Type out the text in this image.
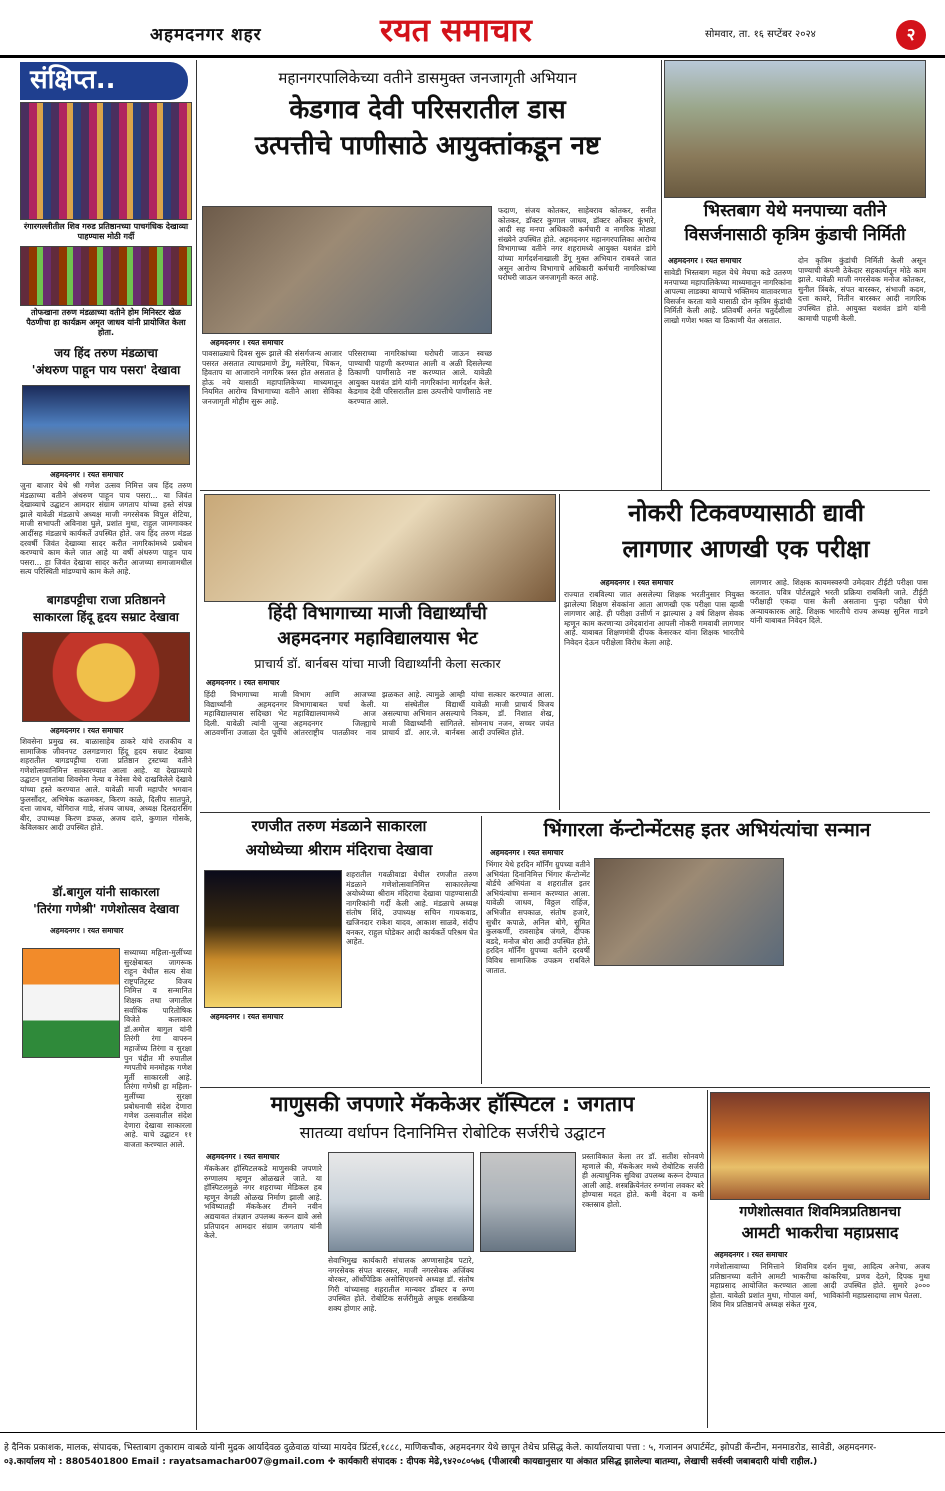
अहमदनगर शहर	रयत समाचार	सोमवार, ता. १६ सप्टेंबर २०२४	२
संक्षिप्त..
रंगारगल्लीतील शिव गरुड प्रतिष्ठानच्या पाचगंधिक देखाव्या पाहण्यास मोठी गर्दी
तोफखाना तरुण मंडळाच्या वतीने होम मिनिस्टर खेळ पैठणीचा हा कार्यक्रम अमृत जाधव यांनी प्रायोजित केला होता.
जय हिंद तरुण मंडळाचा
'अंथरुण पाहून पाय पसरा' देखावा
अहमदनगर । रयत समाचार
जुना बाजार येथे श्री गणेश उत्सव निमित्त जय हिंद तरुण मंडळाच्या वतीने अंथरुण पाहून पाय पसरा... या जिवंत देखाव्याचे उद्घाटन आमदार संग्राम जगताप यांच्या हस्ते संपन्न झाले यावेळी मंडळाचे अध्यक्ष माजी नगरसेवक विपुल शेटिया, माजी सभापती अविनाश घुले, प्रशांत मुथा, राहुल जामगावकर आदींसह मंडळाचे कार्यकर्ते उपस्थित होते. जय हिंद तरुण मंडळ दरवर्षी जिवंत देखाव्या सादर करीत नागरिकांमध्ये प्रबोधन करण्याचे काम केले जात आहे या वर्षी अंथरुण पाहून पाय पसरा... हा जिवंत देखावा सादर करीत आजच्या समाजामधील सत्य परिस्थिती मांडण्याचे काम केले आहे.
बागडपट्टीचा राजा प्रतिष्ठानने
साकारला हिंदू हृदय सम्राट देखावा
अहमदनगर । रयत समाचार
शिवसेना प्रमुख स्व. बाळासाहेब ठाकरे यांचे राजकीय व सामाजिक जीवनपट उलगडणारा हिंदू हृदय सम्राट देखावा शहरातील बागडपट्टीचा राजा प्रतिष्ठान ट्रस्टच्या वतीने गणेशोत्सवानिमित्त साकारण्यात आला आहे. या देखाव्याचे उद्घाटन पुणतांबा शिवसेना नेत्या व नेवेसा येथे दाखविलेले देखावे यांच्या हस्ते करण्यात आले. यावेळी माजी महापौर भगवान फुलसौंदर, अभिषेक कळमकर, किरण काळे, दिलीप सातपुते, दत्ता जाधव, योगिराज गाडे, संजय जाधव, अध्यक्ष दिलदारसिंग बीर, उपाध्यक्ष किरण डफळ, अजय दाते, कुणाल गोसके, केविलकार आदी उपस्थित होते.
डॉ.बागुल यांनी साकारला
'तिरंगा गणेश्री' गणेशोत्सव देखावा
अहमदनगर । रयत समाचार
सध्याच्या महिला-मुलींच्या सुरक्षेबाबत जागरूक राहून येथील सत्य सेवा राष्ट्रपतिट्रस्ट विजय निमित्त व सन्मानित शिक्षक तथा जगातील सर्वाधिक पारितोषिक विजेते कलाकार डॉ.अमोल बागुल यांनी तिरंगी रंगा वापरुन महाजेंच्य तिरंगा व सुरक्षा पुन चंद्रीत मी रुपातील ग्णपतीचे मनमोहक गणेश मूर्ती साकारली आहे. तिरंगा गणेश्री हा महिला-मुलींच्या सुरक्षा प्रबोधनाची संदेश देणारा गणेश उत्सवातील संदेश देणारा देखावा साकारला आहे. याचे उद्घाटन ११ वाजता करण्यात आले.
महानगरपालिकेच्या वतीने डासमुक्त जनजागृती अभियान
केडगाव देवी परिसरातील डास
उत्पत्तीचे पाणीसाठे आयुक्तांकडून नष्ट
अहमदनगर । रयत समाचार
पावसाळ्याचे दिवस सुरू झाले की संसर्गजन्य आजार पसरत असतात त्याचप्रमाणे डेंगू, मलेरिया, चिकन, हिवताप या आजाराने नागरिक त्रस्त होत असतात हे होऊ नये यासाठी महापालिकेच्या माध्यमातून नियमित आरोग्य विभागाच्या वतीने आशा सेविका जनजागृती मोहीम सुरू आहे.
परिसराच्या नागरिकांच्या घरोघरी जाऊन स्वच्छ पाण्याची पाहणी करण्यात आली व अळी दिसलेल्या ठिकाणी पाणीसाठे नष्ट करण्यात आले. यावेळी आयुक्त यशवंत डांगे यांनी नागरिकांना मार्गदर्शन केले. केडगाव देवी परिसरातील डास उत्पत्तीचे पाणीसाठे नष्ट करण्यात आले.
फदाण, संजय कोतकर, साहेबराव कोतकर, सनीत कोतकर, डॉक्टर कुणाल जाधव, डॉक्टर ओंकार कुंभारे, आदी सह मनपा अधिकारी कर्मचारी व नागरिक मोठ्या संख्येने उपस्थित होते. अहमदनगर महानगरपालिका आरोग्य विभागाच्या वतीने नगर शहरामध्ये आयुक्त यशवंत डांगे यांच्या मार्गदर्शनाखाली डेंगू मुक्त अभियान राबवले जात असून आरोग्य विभागाचे अधिकारी कर्मचारी नागरिकांच्या घरोघरी जाऊन जनजागृती करत आहे.
भिस्तबाग येथे मनपाच्या वतीने
विसर्जनासाठी कृत्रिम कुंडाची निर्मिती
अहमदनगर । रयत समाचार
सावेडी भिस्तबाग महल येथे मेयचा कडे उतरुण मनपाच्या महापालिकेच्या माध्यमातून नागरिकांना आपल्या लाडक्या बाप्पाचे भक्तिमय वातावरणात विसर्जन करता यावे यासाठी दोन कृत्रिम कुंडांची निर्मिती केली आहे. प्रतिवर्षी अनंत चतुर्दशीला लाखो गणेश भक्त या ठिकाणी येत असतात.
दोन कृत्रिम कुंडांची निर्मिती केली असून पाण्याची कंपनी ठेकेदार सहकार्यातून मोठे काम झाले. यावेळी माजी नगरसेवक मनोज कोतकर, सुनील त्रिंबके, संपत बारस्कर, संभाजी कदम, दत्ता कावरे, नितीन बारस्कर आदी नागरिक उपस्थित होते. आयुक्त यशवंत डांगे यांनी कामाची पाहणी केली.
हिंदी विभागाच्या माजी विद्यार्थ्यांची
अहमदनगर महाविद्यालयास भेट
प्राचार्य डॉ. बार्नबस यांचा माजी विद्यार्थ्यांनी केला सत्कार
अहमदनगर । रयत समाचार
हिंदी विभागाच्या माजी विद्यार्थ्यांनी अहमदनगर महाविद्यालयास सदिच्छा भेट दिली. यावेळी त्यांनी जुन्या आठवणींना उजाळा देत पूर्वीचे विभाग आणि आजच्या विभागाबाबत चर्चा केली. महाविद्यालयामध्ये आज अहमदनगर जिल्ह्याचे आंतरराष्ट्रीय पातळीवर नाव झळकत आहे. त्यामुळे आम्ही या संस्थेतील विद्यार्थी असल्याचा अभिमान असल्याचे माजी विद्यार्थ्यांनी सांगितले. प्राचार्य डॉ. आर.जे. बार्नबस यांचा सत्कार करण्यात आला. यावेळी माजी प्राचार्य विजय निकम, डॉ. निशात शेख, सोमनाथ नजन, सच्चर जयंत आदी उपस्थित होते.
नोकरी टिकवण्यासाठी द्यावी
लागणार आणखी एक परीक्षा
अहमदनगर । रयत समाचार
राज्यात राबविल्या जात असलेल्या शिक्षक भरतीनुसार नियुक्त झालेल्या शिक्षण सेवकांना आता आणखी एक परीक्षा पास व्हावी लागणार आहे. ही परीक्षा उत्तीर्ण न झाल्यास ३ वर्ष शिक्षण सेवक म्हणून काम करणाऱ्या उमेदवारांना आपली नोकरी गमवावी लागणार आहे. याबाबत शिक्षणमंत्री दीपक केसरकर यांना शिक्षक भारतीचे निवेदन देऊन परीक्षेला विरोध केला आहे.
लागणार आहे. शिक्षक कायमस्वरुपी उमेदवार टीईटी परीक्षा पास करतात. पवित्र पोर्टलद्वारे भरती प्रक्रिया राबविली जाते. टीईटी परीक्षाही एकदा पास केली असताना पुन्हा परीक्षा घेणे अन्यायकारक आहे. शिक्षक भारतीचे राज्य अध्यक्ष सुनिल गाडगे यांनी याबाबत निवेदन दिले.
रणजीत तरुण मंडळाने साकारला
अयोध्येच्या श्रीराम मंदिराचा देखावा
अहमदनगर । रयत समाचार
शहरातील गवळीवाडा येथील रणजीत तरुण मंडळाने गणेशोत्सवानिमित्त साकारलेल्या अयोध्येच्या श्रीराम मंदिराचा देखावा पाहण्यासाठी नागरिकांनी गर्दी केली आहे. मंडळाचे अध्यक्ष संतोष शिंदे, उपाध्यक्ष सचिन गायकवाड, खजिनदार राकेश यादव, आकाश साळवे, संदीप बनकर, राहुल घोडेकर आदी कार्यकर्ते परिश्रम घेत आहेत.
भिंगारला कॅन्टोन्मेंटसह इतर अभियंत्यांचा सन्मान
अहमदनगर । रयत समाचार
भिंगार येथे हरदिन मॉर्निंग ग्रुपच्या वतीने अभियंता दिनानिमित्त भिंगार कॅन्टोन्मेंट बोर्डचे अभियंता व शहरातील इतर अभियंत्यांचा सन्मान करण्यात आला. यावेळी जाधव, विठ्ठल राहिंज, अभिजीत सपकाळ, संतोष हजारे, सुधीर कपाळे, अनिल बोगे, सुमित कुलकर्णी, रावसाहेब जंगले, दीपक बडदे, मनोज बोरा आदी उपस्थित होते. हरदिन मॉर्निंग ग्रुपच्या वतीने दरवर्षी विविध सामाजिक उपक्रम राबविले जातात.
माणुसकी जपणारे मॅककेअर हॉस्पिटल : जगताप
सातव्या वर्धापन दिनानिमित्त रोबोटिक सर्जरीचे उद्घाटन
अहमदनगर । रयत समाचार
मॅककेअर हॉस्पिटलकडे माणुसकी जपणारे रुग्णालय म्हणून ओळखले जाते. या हॉस्पिटलमुळे नगर शहराच्या मेडिकल हब म्हणून वेगळी ओळख निर्माण झाली आहे. भविष्यातही मॅककेअर टीमने नवीन अद्ययावत तंत्रज्ञान उपलब्ध करून द्यावे असे प्रतिपादन आमदार संग्राम जगताप यांनी केले.
सेवाभिमुख कार्यकारी संचालक अण्णासाहेब पटारे, नगरसेवक संपत बारस्कर, माजी नगरसेवक अजिंक्य बोरकर, ऑर्थोपेडिक असोसिएशनचे अध्यक्ष डॉ. संतोष गिरी यांच्यासह शहरातील मान्यवर डॉक्टर व रुग्ण उपस्थित होते. रोबोटिक सर्जरीमुळे अचूक शस्त्रक्रिया शक्य होणार आहे.
प्रस्ताविकात केला तर डॉ. सतीश सोनवणे म्हणाले की, मॅककेअर मध्ये रोबोटिक सर्जरी ही अत्याधुनिक सुविधा उपलब्ध करून देण्यात आली आहे. शस्त्रक्रियेनंतर रुग्णांना लवकर बरे होण्यास मदत होते. कमी वेदना व कमी रक्तस्राव होतो.	गणेशोत्सवात शिवमित्रप्रतिष्ठानचा
आमटी भाकरीचा महाप्रसाद
अहमदनगर । रयत समाचार
गणेशोत्सवाच्या निमित्ताने शिवमित्र प्रतिष्ठानच्या वतीने आमटी भाकरीचा महाप्रसाद आयोजित करण्यात आला होता. यावेळी प्रशांत मुथा, गोपाल वर्मा, शिव मित्र प्रतिष्ठानचे अध्यक्ष संकेत गुरव, दर्शन मुथा, आदित्य अनेचा, अजय कांकरिया, प्रणव देठगे, दिपक मुथा आदी उपस्थित होते. सुमारे ३००० भाविकांनी महाप्रसादाचा लाभ घेतला.
हे दैनिक प्रकाशक, मालक, संपादक, भिस्ताबाग तुकाराम वाबळे यांनी मुद्रक आर्यादेवळ दुळेवाळ यांच्या मायदेव प्रिंटर्स,१८८८, माणिकचौक, अहमदनगर येथे छापून तेथेच प्रसिद्ध केले. कार्यालयाचा पत्ता : ५, गजानन अपार्टमेंट, झोपडी कँन्टीन, मनमाडरोड, सावेडी, अहमदनगर-
०३.कार्यालय मो : 8805401800 Email : rayatsamachar007@gmail.com ✤ कार्यकारी संपादक : दीपक मेढे,९४२०८०५७६ (पीआरबी कायद्यानुसार या अंकात प्रसिद्ध झालेल्या बातम्या, लेखाची सर्वस्वी जबाबदारी यांची राहील.)
